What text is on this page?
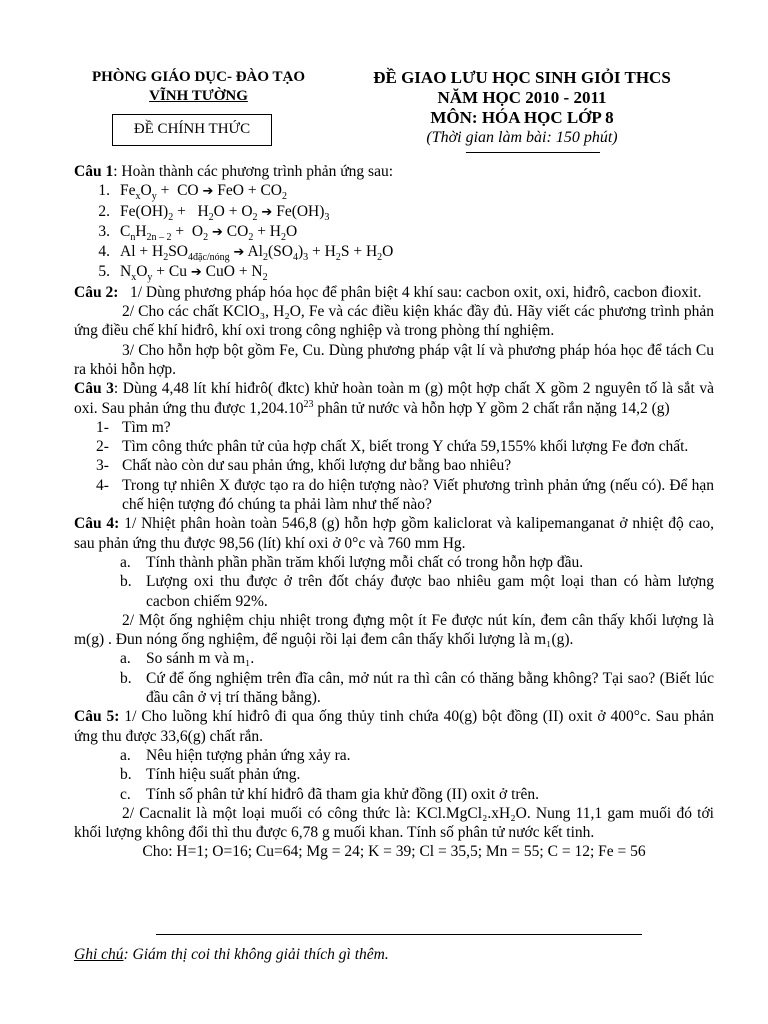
PHÒNG GIÁO DỤC- ĐÀO TẠO
VĨNH TƯỜNG
ĐỀ CHÍNH THỨC
ĐỀ GIAO LƯU HỌC SINH GIỎI THCS
NĂM HỌC 2010 - 2011
MÔN: HÓA HỌC LỚP 8
(Thời gian làm bài: 150 phút)

Câu 1: Hoàn thành các phương trình phản ứng sau:

1. $Fe_xO_y$ +  CO ➔ FeO + $CO_2$
2. $Fe(OH)_2 + H_2O + O_2$ ➔ $Fe(OH)_3$
3. $C_nH_{2n - 2} + O_2$ ➔ $CO_2 + H_2O$
4. $Al + H_2SO_{4đặc/nóng}$ ➔ $Al_2(SO_4)_3 + H_2S + H_2O$
5. $N_xO_y + Cu$ ➔ CuO + $N_2$

Câu 2: 1/ Dùng phương pháp hóa học để phân biệt 4 khí sau: cacbon oxit, oxi, hiđrô, cacbon đioxit.

2/ Cho các chất KClO₃, H₂O, Fe và các điều kiện khác đầy đủ. Hãy viết các phương trình phản ứng điều chế khí hiđrô, khí oxi trong công nghiệp và trong phòng thí nghiệm.

3/ Cho hỗn hợp bột gồm Fe, Cu. Dùng phương pháp vật lí và phương pháp hóa học để tách Cu ra khỏi hỗn hợp.

Câu 3: Dùng 4,48 lít khí hiđrô( đktc) khử hoàn toàn m (g) một hợp chất X gồm 2 nguyên tố là sắt và oxi. Sau phản ứng thu được 1,204.10$^{23}$ phân tử nước và hỗn hợp Y gồm 2 chất rắn nặng 14,2 (g)

1- Tìm m?
2- Tìm công thức phân tử của hợp chất X, biết trong Y chứa 59,155% khối lượng Fe đơn chất.
3- Chất nào còn dư sau phản ứng, khối lượng dư bằng bao nhiêu?
4- Trong tự nhiên X được tạo ra do hiện tượng nào? Viết phương trình phản ứng (nếu có). Để hạn chế hiện tượng đó chúng ta phải làm như thế nào?

Câu 4: 1/ Nhiệt phân hoàn toàn 546,8 (g) hỗn hợp gồm kaliclorat và kalipemanganat ở nhiệt độ cao, sau phản ứng thu được 98,56 (lít) khí oxi ở 0°c và 760 mm Hg.

a. Tính thành phần phần trăm khối lượng mỗi chất có trong hỗn hợp đầu.
b. Lượng oxi thu được ở trên đốt cháy được bao nhiêu gam một loại than có hàm lượng cacbon chiếm 92%.

2/ Một ống nghiệm chịu nhiệt trong đựng một ít Fe được nút kín, đem cân thấy khối lượng là m(g) . Đun nóng ống nghiệm, để nguội rồi lại đem cân thấy khối lượng là m₁(g).

a. So sánh m và m₁.
b. Cứ để ống nghiệm trên đĩa cân, mở nút ra thì cân có thăng bằng không? Tại sao? (Biết lúc đầu cân ở vị trí thăng bằng).

Câu 5: 1/ Cho luồng khí hiđrô đi qua ống thủy tinh chứa 40(g) bột đồng (II) oxit ở 400°c. Sau phản ứng thu được 33,6(g) chất rắn.

a. Nêu hiện tượng phản ứng xảy ra.
b. Tính hiệu suất phản ứng.
c. Tính số phân tử khí hiđrô đã tham gia khử đồng (II) oxit ở trên.

2/ Cacnalit là một loại muối có công thức là: KCl.MgCl₂.xH₂O. Nung 11,1 gam muối đó tới khối lượng không đổi thì thu được 6,78 g muối khan. Tính số phân tử nước kết tinh.

Cho: H=1; O=16; Cu=64; Mg = 24; K = 39; Cl = 35,5; Mn = 55; C = 12; Fe = 56

Ghi chú: Giám thị coi thi không giải thích gì thêm.
